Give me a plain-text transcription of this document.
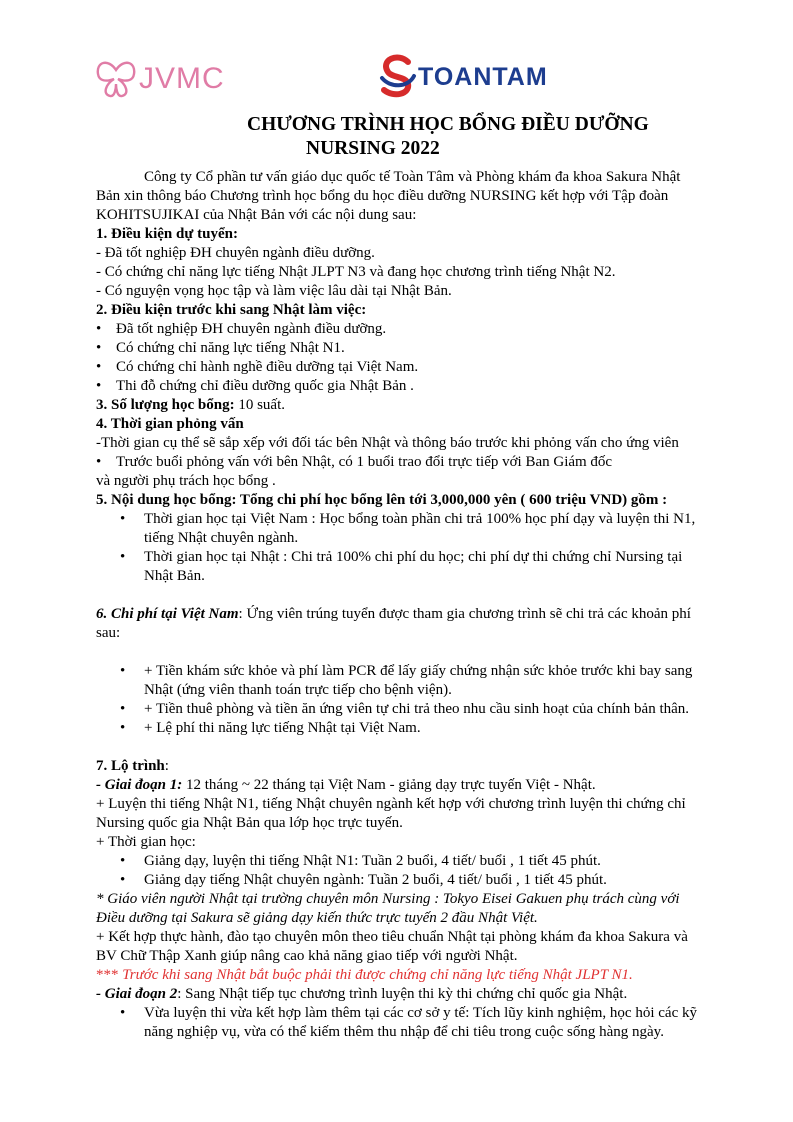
JVMC	TOANTAM
CHƯƠNG TRÌNH HỌC BỔNG ĐIỀU DƯỠNG
NURSING 2022

Công ty Cổ phần tư vấn giáo dục quốc tế Toàn Tâm và Phòng khám đa khoa Sakura Nhật Bản xin thông báo Chương trình học bổng du học điều dưỡng NURSING kết hợp với Tập đoàn KOHITSUJIKAI của Nhật Bản với các nội dung sau:

1. Điều kiện dự tuyển:

- Đã tốt nghiệp ĐH chuyên ngành điều dưỡng.

- Có chứng chỉ năng lực tiếng Nhật JLPT N3 và đang học chương trình tiếng Nhật N2.

- Có nguyện vọng học tập và làm việc lâu dài tại Nhật Bản.

2. Điều kiện trước khi sang Nhật làm việc:

• Đã tốt nghiệp ĐH chuyên ngành điều dưỡng.
• Có chứng chỉ năng lực tiếng Nhật N1.
• Có chứng chỉ hành nghề điều dưỡng tại Việt Nam.
• Thi đỗ chứng chỉ điều dưỡng quốc gia Nhật Bản .

3. Số lượng học bổng: 10 suất.

4. Thời gian phỏng vấn

-Thời gian cụ thể sẽ sắp xếp với đối tác bên Nhật và thông báo trước khi phỏng vấn cho ứng viên

• Trước buổi phỏng vấn với bên Nhật, có 1 buổi trao đổi trực tiếp với Ban Giám đốc

và người phụ trách học bổng .

5. Nội dung học bổng: Tổng chi phí học bổng lên tới 3,000,000 yên ( 600 triệu VND) gồm :

•	Thời gian học tại Việt Nam : Học bổng toàn phần chi trả 100% học phí dạy và luyện thi N1, tiếng Nhật chuyên ngành.
•	Thời gian học tại Nhật : Chi trả 100% chi phí du học; chi phí dự thi chứng chỉ Nursing tại Nhật Bản.

6. Chi phí tại Việt Nam: Ứng viên trúng tuyển được tham gia chương trình sẽ chi trả các khoản phí sau:

•	+ Tiền khám sức khỏe và phí làm PCR để lấy giấy chứng nhận sức khỏe trước khi bay sang Nhật (ứng viên thanh toán trực tiếp cho bệnh viện).
•	+ Tiền thuê phòng và tiền ăn ứng viên tự chi trả theo nhu cầu sinh hoạt của chính bản thân.
•	+ Lệ phí thi năng lực tiếng Nhật tại Việt Nam.

7. Lộ trình:

- Giai đoạn 1: 12 tháng ~ 22 tháng tại Việt Nam - giảng dạy trực tuyến Việt - Nhật.

+ Luyện thi tiếng Nhật N1, tiếng Nhật chuyên ngành kết hợp với chương trình luyện thi chứng chỉ Nursing quốc gia Nhật Bản qua lớp học trực tuyến.

+ Thời gian học:

•	Giảng dạy, luyện thi tiếng Nhật N1: Tuần 2 buổi, 4 tiết/ buổi , 1 tiết 45 phút.
•	Giảng dạy tiếng Nhật chuyên ngành: Tuần 2 buổi, 4 tiết/ buổi , 1 tiết 45 phút.

* Giáo viên người Nhật tại trường chuyên môn Nursing : Tokyo Eisei Gakuen phụ trách cùng với Điều dưỡng tại Sakura sẽ giảng dạy kiến thức trực tuyến 2 đầu Nhật Việt.

+ Kết hợp thực hành, đào tạo chuyên môn theo tiêu chuẩn Nhật tại phòng khám đa khoa Sakura và BV Chữ Thập Xanh giúp nâng cao khả năng giao tiếp với người Nhật.

*** Trước khi sang Nhật bắt buộc phải thi được chứng chỉ năng lực tiếng Nhật JLPT N1.

- Giai đoạn 2: Sang Nhật tiếp tục chương trình luyện thi kỳ thi chứng chỉ quốc gia Nhật.

•	Vừa luyện thi vừa kết hợp làm thêm tại các cơ sở y tế: Tích lũy kinh nghiệm, học hỏi các kỹ năng nghiệp vụ, vừa có thể kiếm thêm thu nhập để chi tiêu trong cuộc sống hàng ngày.
